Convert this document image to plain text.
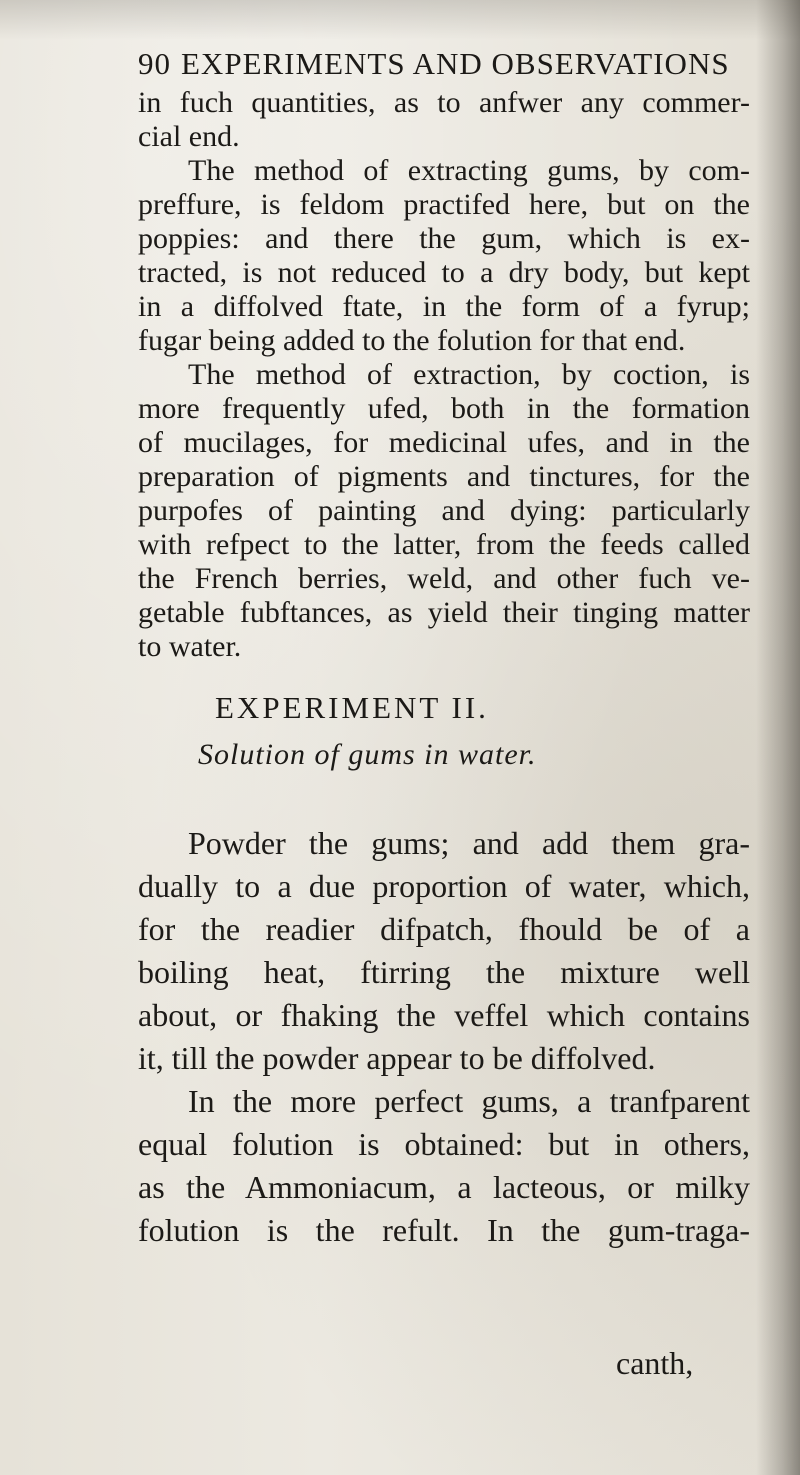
90 EXPERIMENTS AND OBSERVATIONS
in fuch quantities, as to anfwer any commer-
cial end.
The method of extracting gums, by com-
preffure, is feldom practifed here, but on the
poppies: and there the gum, which is ex-
tracted, is not reduced to a dry body, but kept
in a diffolved ftate, in the form of a fyrup;
fugar being added to the folution for that end.
The method of extraction, by coction, is
more frequently ufed, both in the formation
of mucilages, for medicinal ufes, and in the
preparation of pigments and tinctures, for the
purpofes of painting and dying: particularly
with refpect to the latter, from the feeds called
the French berries, weld, and other fuch ve-
getable fubftances, as yield their tinging matter
to water.
EXPERIMENT II.
Solution of gums in water.
Powder the gums; and add them gra-
dually to a due proportion of water, which,
for the readier difpatch, fhould be of a
boiling heat, ftirring the mixture well
about, or fhaking the veffel which contains
it, till the powder appear to be diffolved.
In the more perfect gums, a tranfparent
equal folution is obtained: but in others,
as the Ammoniacum, a lacteous, or milky
folution is the refult. In the gum-traga-
canth,
